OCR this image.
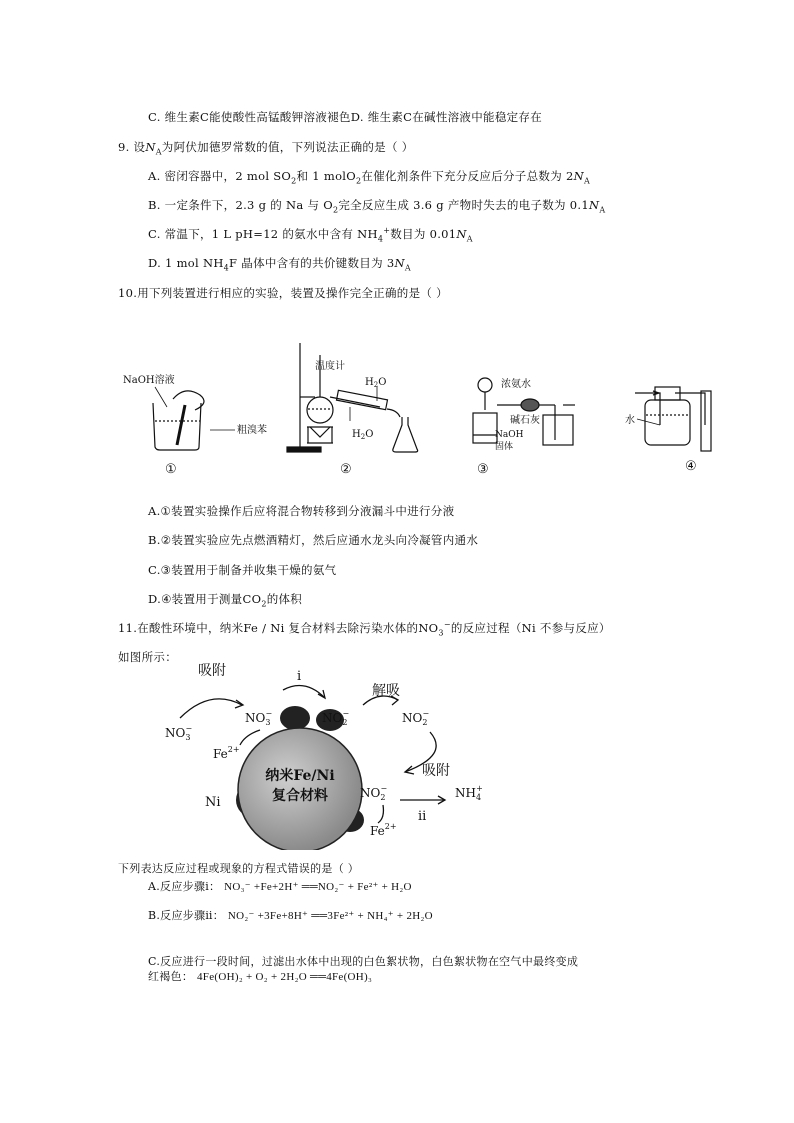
C. 维生素C能使酸性高锰酸钾溶液褪色D. 维生素C在碱性溶液中能稳定存在
9. 设$N_A$为阿伏加德罗常数的值，下列说法正确的是（ ）
A. 密闭容器中，2 mol $SO_2$和 1 molO$_2$在催化剂条件下充分反应后分子总数为 $2N_A$
B. 一定条件下，2.3 g 的 Na 与 $O_2$完全反应生成 3.6 g 产物时失去的电子数为 $0.1N_A$
C. 常温下，1 L pH=12 的氨水中含有 $NH_4^+$数目为 $0.01N_A$
D. 1 mol $NH_4F$ 晶体中含有的共价键数目为 $3N_A$
10.用下列装置进行相应的实验，装置及操作完全正确的是（ ）
NaOH溶液
粗溴苯
①
温度计
$H_2O$
$H_2O$
②
浓氨水
碱石灰
NaOH
固体
③
水
④
A.①装置实验操作后应将混合物转移到分液漏斗中进行分液
B.②装置实验应先点燃酒精灯，然后应通水龙头向冷凝管内通水
C.③装置用于制备并收集干燥的氨气
D.④装置用于测量$CO_2$的体积
11.在酸性环境中，纳米Fe / Ni 复合材料去除污染水体的$NO_3^-$的反应过程（Ni 不参与反应）
如图所示：
纳米Fe/Ni
复合材料
吸附	i
解吸
吸附
ii
Ni
$NO_3-$
$NO_3-$	$NO_2-$	$NO_2-$
$NO_2-$	$NH_4+$
$Fe^{2+}$
$Fe^{2+}$
下列表达反应过程或现象的方程式错误的是（ ）
A.反应步骤ⅰ： NO₃⁻ +Fe+2H⁺ ══NO₂⁻ + Fe²⁺ + H₂O
B.反应步骤ⅱ： NO₂⁻ +3Fe+8H⁺ ══3Fe²⁺ + NH₄⁺ + 2H₂O
C.反应进行一段时间，过滤出水体中出现的白色絮状物，白色絮状物在空气中最终变成
红褐色： 4Fe(OH)₂ + O₂ + 2H₂O ══4Fe(OH)₃
